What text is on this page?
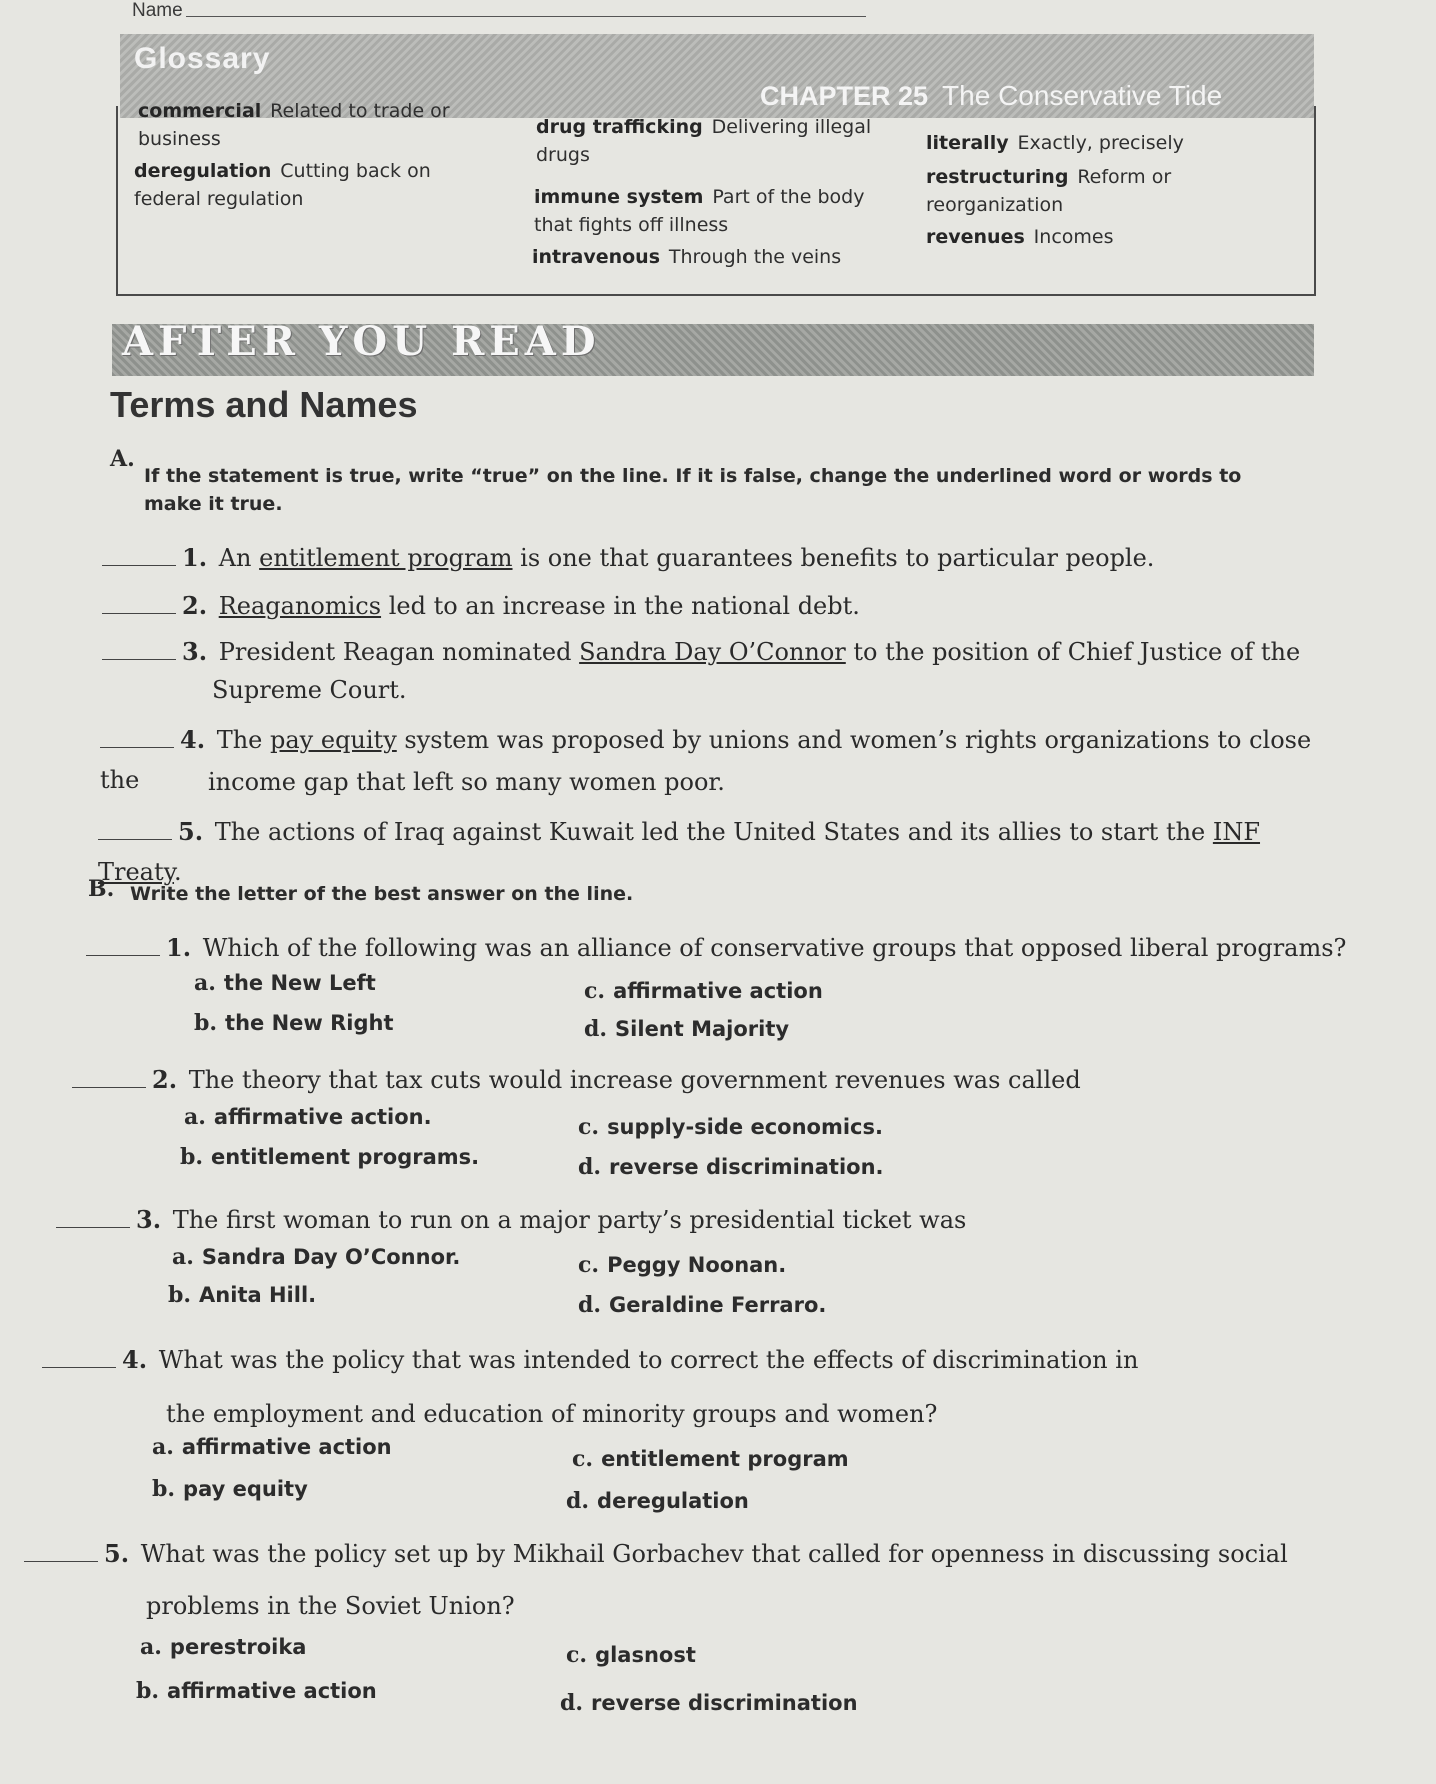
Name
Glossary
CHAPTER 25 The Conservative Tide
commercial Related to trade or business
deregulation Cutting back on federal regulation
drug trafficking Delivering illegal drugs
immune system Part of the body that fights off illness
intravenous Through the veins
literally Exactly, precisely
restructuring Reform or reorganization
revenues Incomes
AFTER YOU READ
Terms and Names
A.
If the statement is true, write “true” on the line. If it is false, change the underlined word or words to make it true.
1. An entitlement program is one that guarantees benefits to particular people.
2. Reaganomics led to an increase in the national debt.
3. President Reagan nominated Sandra Day O’Connor to the position of Chief Justice of the
Supreme Court.
4. The pay equity system was proposed by unions and women’s rights organizations to close the	income gap that left so many women poor.
5. The actions of Iraq against Kuwait led the United States and its allies to start the INF Treaty.
B. Write the letter of the best answer on the line.
1. Which of the following was an alliance of conservative groups that opposed liberal programs?
a. the New Left
b. the New Right
c. affirmative action
d. Silent Majority
2. The theory that tax cuts would increase government revenues was called
a. affirmative action.
b. entitlement programs.
c. supply-side economics.
d. reverse discrimination.
3. The first woman to run on a major party’s presidential ticket was
a. Sandra Day O’Connor.
b. Anita Hill.
c. Peggy Noonan.
d. Geraldine Ferraro.
4. What was the policy that was intended to correct the effects of discrimination in
the employment and education of minority groups and women?
a. affirmative action
b. pay equity
c. entitlement program
d. deregulation
5. What was the policy set up by Mikhail Gorbachev that called for openness in discussing social
problems in the Soviet Union?
a. perestroika
b. affirmative action
c. glasnost
d. reverse discrimination
